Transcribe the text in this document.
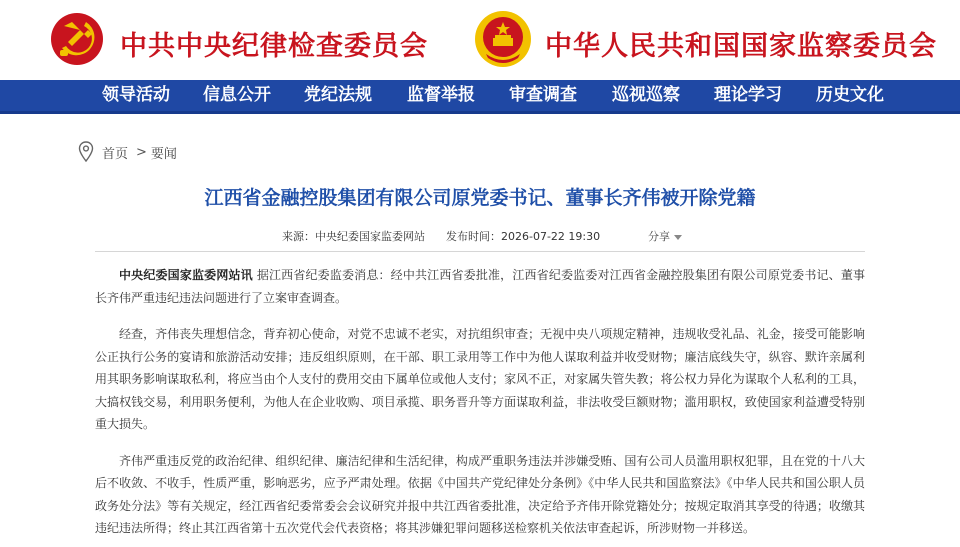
中共中央纪律检查委员会	中华人民共和国国家监察委员会
领导活动 信息公开 党纪法规 监督举报 审查调查 巡视巡察 理论学习 历史文化
首页 > 要闻
江西省金融控股集团有限公司原党委书记、董事长齐伟被开除党籍
来源：中央纪委国家监委网站 发布时间：2026-07-22 19:30	分享

中央纪委国家监委网站讯 据江西省纪委监委消息：经中共江西省委批准，江西省纪委监委对江西省金融控股集团有限公司原党委书记、董事长齐伟严重违纪违法问题进行了立案审查调查。

经查，齐伟丧失理想信念，背弃初心使命，对党不忠诚不老实，对抗组织审查；无视中央八项规定精神，违规收受礼品、礼金，接受可能影响公正执行公务的宴请和旅游活动安排；违反组织原则，在干部、职工录用等工作中为他人谋取利益并收受财物；廉洁底线失守，纵容、默许亲属利用其职务影响谋取私利，将应当由个人支付的费用交由下属单位或他人支付；家风不正，对家属失管失教；将公权力异化为谋取个人私利的工具，大搞权钱交易，利用职务便利，为他人在企业收购、项目承揽、职务晋升等方面谋取利益，非法收受巨额财物；滥用职权，致使国家利益遭受特别重大损失。

齐伟严重违反党的政治纪律、组织纪律、廉洁纪律和生活纪律，构成严重职务违法并涉嫌受贿、国有公司人员滥用职权犯罪，且在党的十八大后不收敛、不收手，性质严重，影响恶劣，应予严肃处理。依据《中国共产党纪律处分条例》《中华人民共和国监察法》《中华人民共和国公职人员政务处分法》等有关规定，经江西省纪委常委会会议研究并报中共江西省委批准，决定给予齐伟开除党籍处分；按规定取消其享受的待遇；收缴其违纪违法所得；终止其江西省第十五次党代会代表资格；将其涉嫌犯罪问题移送检察机关依法审查起诉，所涉财物一并移送。
